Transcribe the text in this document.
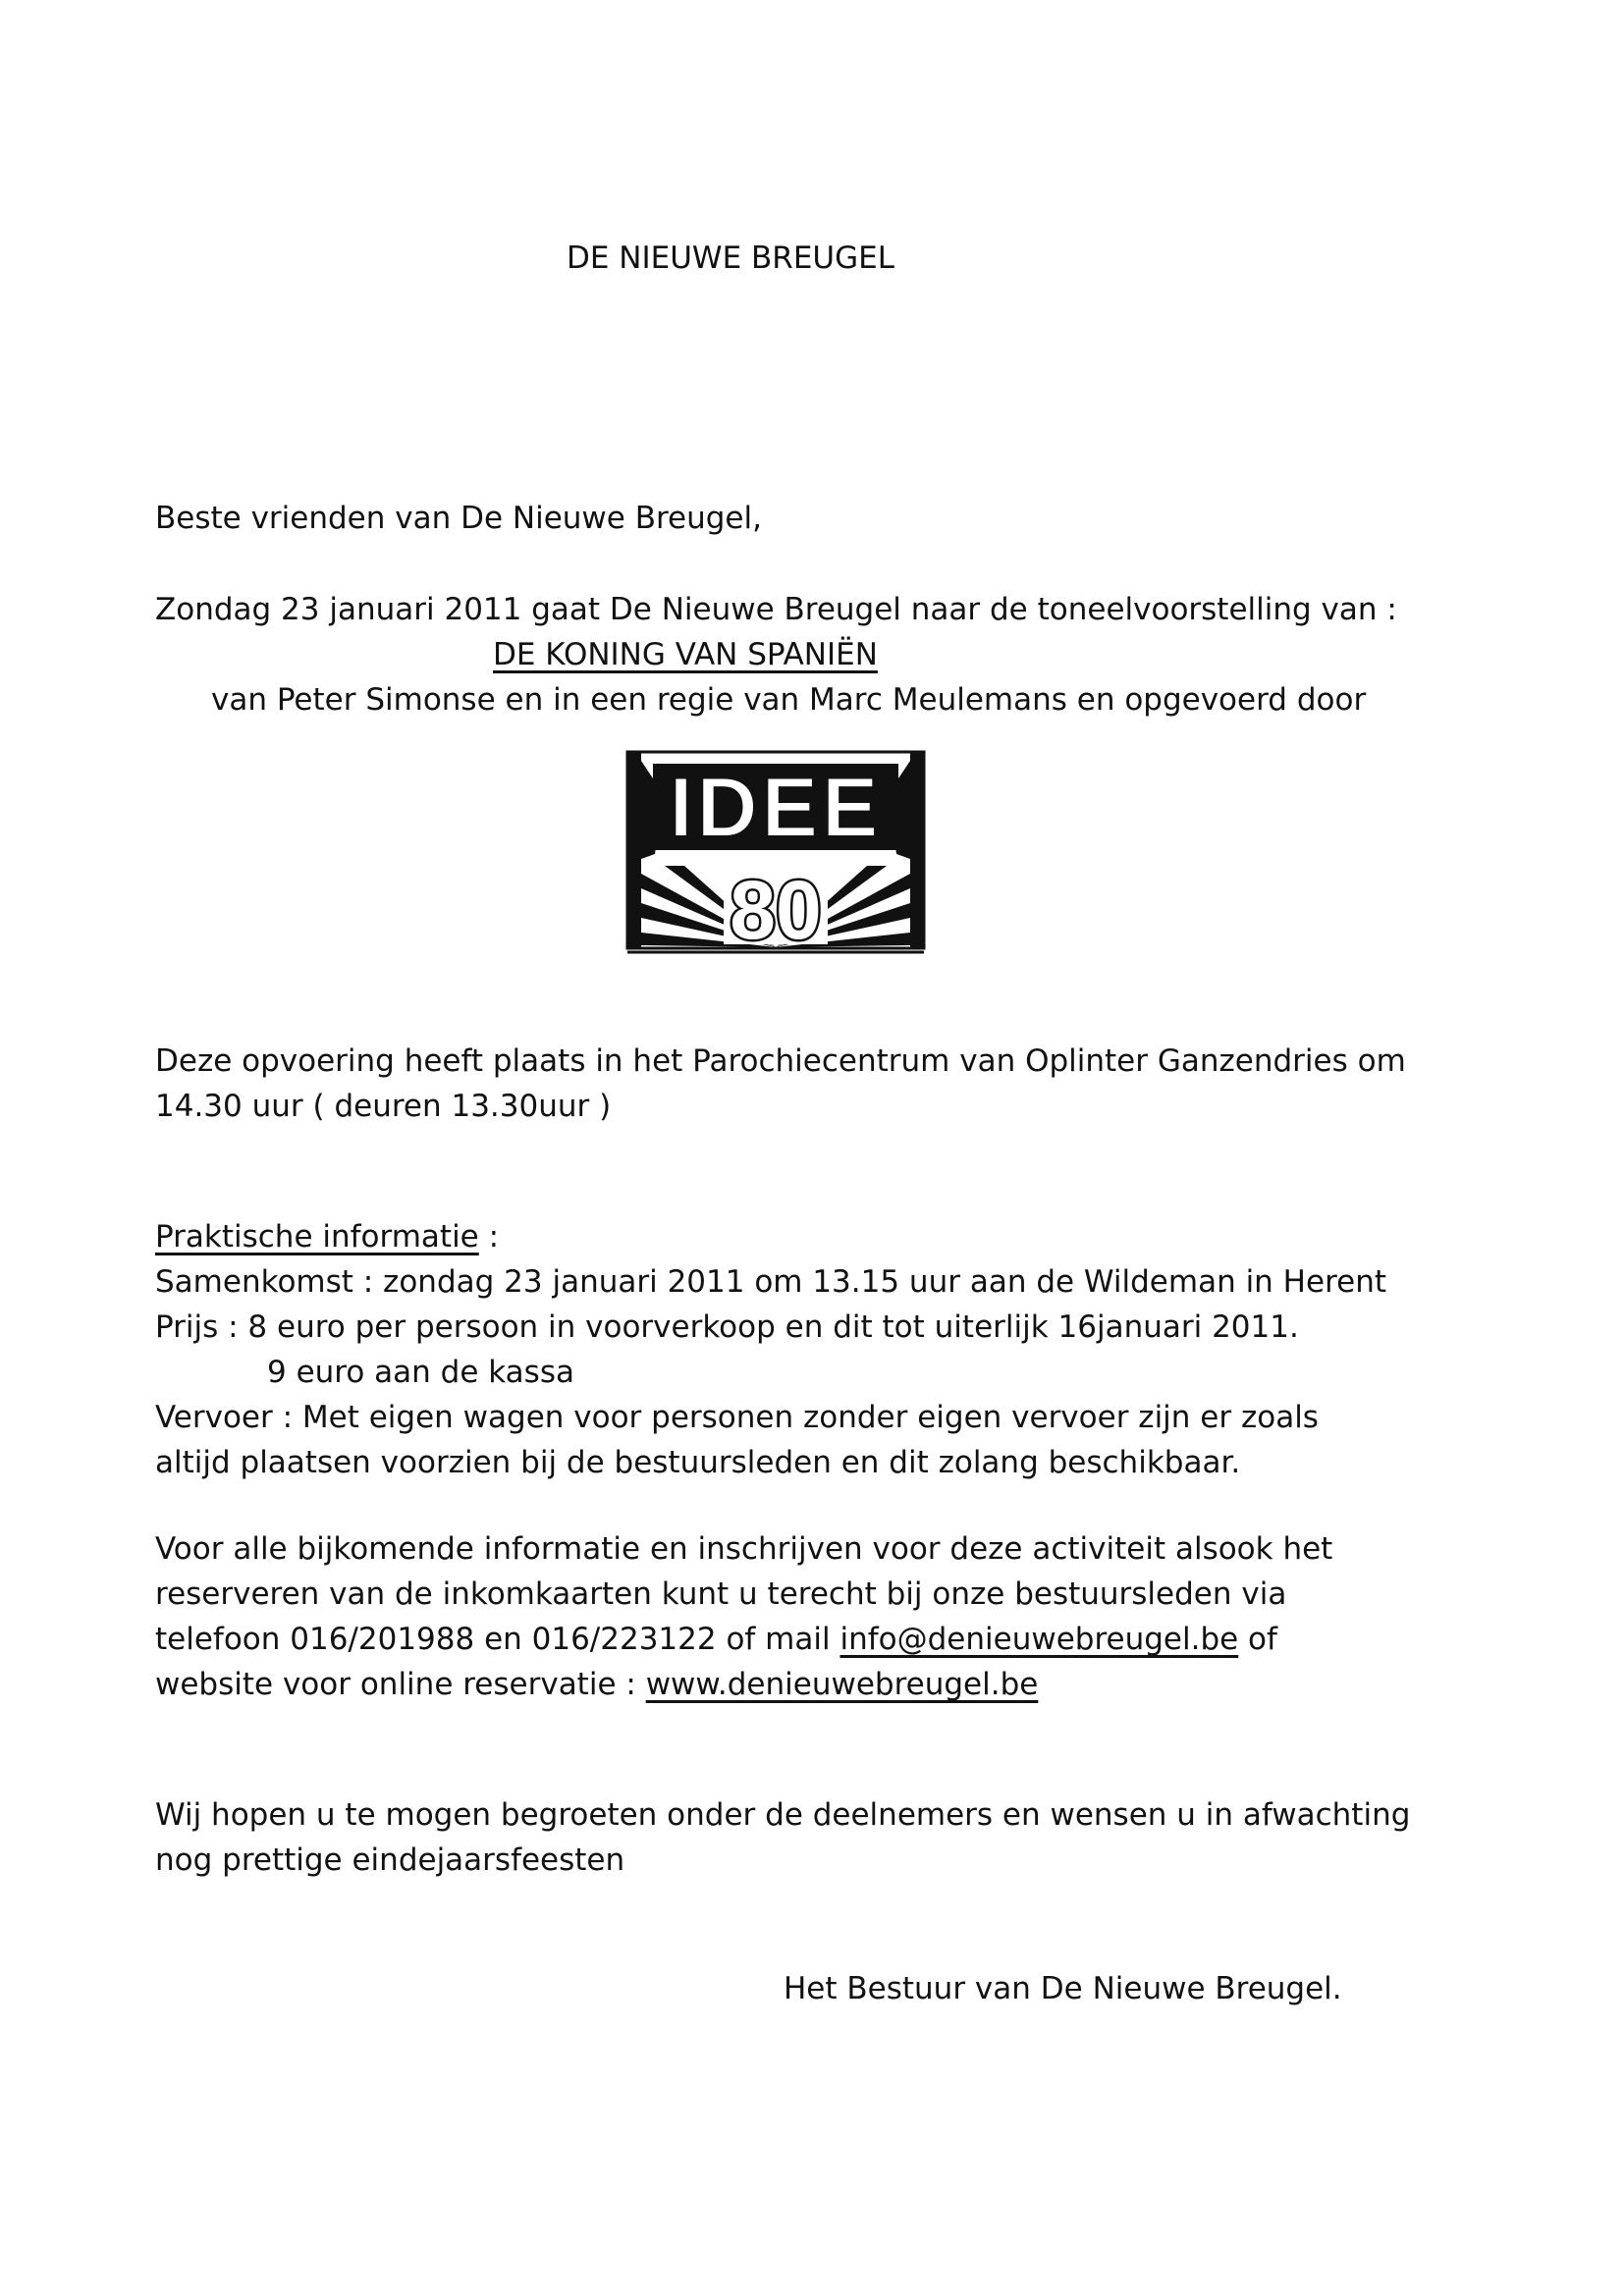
DE NIEUWE BREUGEL
Beste vrienden van De Nieuwe Breugel,
Zondag 23 januari 2011 gaat De Nieuwe Breugel naar de toneelvoorstelling van :
DE KONING VAN SPANIËN
van Peter Simonse en in een regie van Marc Meulemans en opgevoerd door
IDEE
80
Deze opvoering heeft plaats in het Parochiecentrum van Oplinter Ganzendries om
14.30 uur ( deuren 13.30uur )
Praktische informatie :
Samenkomst : zondag 23 januari 2011 om 13.15 uur aan de Wildeman in Herent
Prijs : 8 euro per persoon in voorverkoop en dit tot uiterlijk 16januari 2011.
9 euro aan de kassa
Vervoer : Met eigen wagen voor personen zonder eigen vervoer zijn er zoals
altijd plaatsen voorzien bij de bestuursleden en dit zolang beschikbaar.
Voor alle bijkomende informatie en inschrijven voor deze activiteit alsook het
reserveren van de inkomkaarten kunt u terecht bij onze bestuursleden via
telefoon 016/201988 en 016/223122 of mail info@denieuwebreugel.be of
website voor online reservatie : www.denieuwebreugel.be
Wij hopen u te mogen begroeten onder de deelnemers en wensen u in afwachting
nog prettige eindejaarsfeesten
Het Bestuur van De Nieuwe Breugel.
